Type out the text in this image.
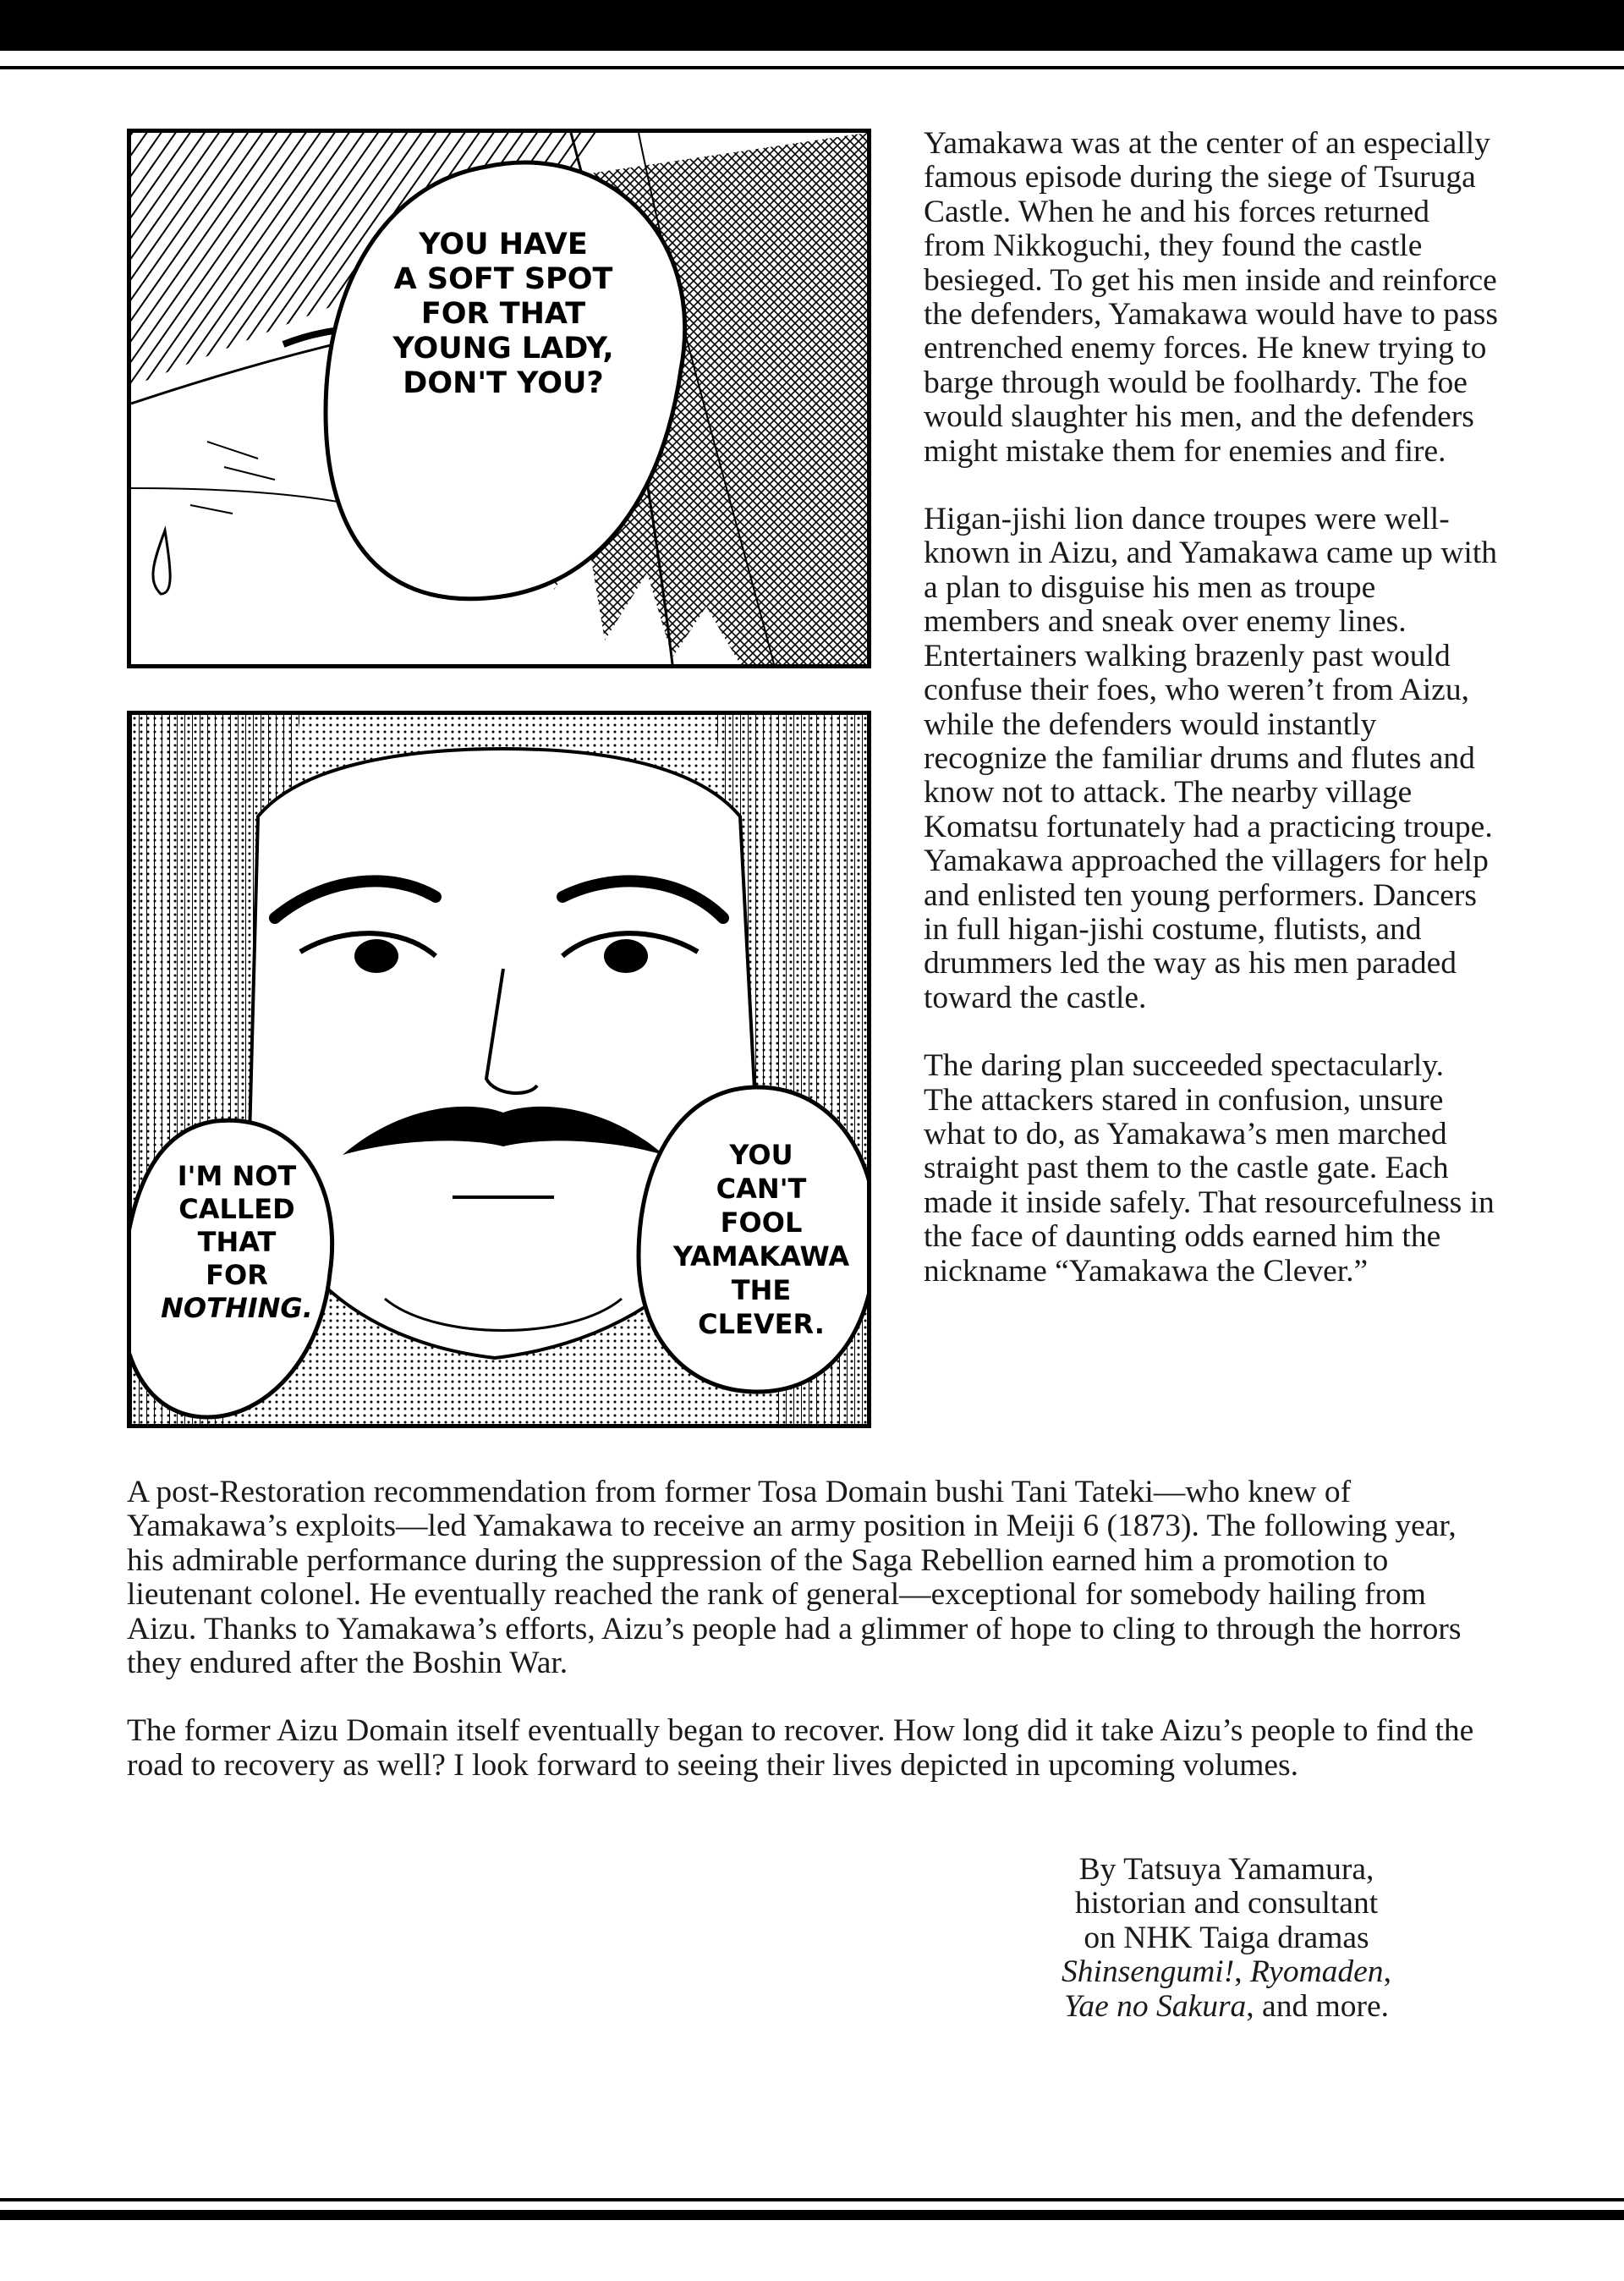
YOU HAVE
A SOFT SPOT
FOR THAT
YOUNG LADY,
DON'T YOU?
I'M NOT
CALLED
THAT
FOR
NOTHING.
YOU
CAN'T
FOOL
YAMAKAWA
THE
CLEVER.

Yamakawa was at the center of an especially famous episode during the siege of Tsuruga Castle. When he and his forces returned from Nikkoguchi, they found the castle besieged. To get his men inside and reinforce the defenders, Yamakawa would have to pass entrenched enemy forces. He knew trying to barge through would be foolhardy. The foe would slaughter his men, and the defenders might mistake them for enemies and fire.

Higan-jishi lion dance troupes were well-known in Aizu, and Yamakawa came up with a plan to disguise his men as troupe members and sneak over enemy lines. Entertainers walking brazenly past would confuse their foes, who weren’t from Aizu, while the defenders would instantly recognize the familiar drums and flutes and know not to attack. The nearby village Komatsu fortunately had a practicing troupe. Yamakawa approached the villagers for help and enlisted ten young performers. Dancers in full higan-jishi costume, flutists, and drummers led the way as his men paraded toward the castle.

The daring plan succeeded spectacularly. The attackers stared in confusion, unsure what to do, as Yamakawa’s men marched straight past them to the castle gate. Each made it inside safely. That resourcefulness in the face of daunting odds earned him the nickname “Yamakawa the Clever.”

A post-Restoration recommendation from former Tosa Domain bushi Tani Tateki—who knew of Yamakawa’s exploits—led Yamakawa to receive an army position in Meiji 6 (1873). The following year, his admirable performance during the suppression of the Saga Rebellion earned him a promotion to lieutenant colonel. He eventually reached the rank of general—exceptional for somebody hailing from Aizu. Thanks to Yamakawa’s efforts, Aizu’s people had a glimmer of hope to cling to through the horrors they endured after the Boshin War.

The former Aizu Domain itself eventually began to recover. How long did it take Aizu’s people to find the road to recovery as well? I look forward to seeing their lives depicted in upcoming volumes.

By Tatsuya Yamamura,
historian and consultant
on NHK Taiga dramas
Shinsengumi!, Ryomaden,
Yae no Sakura, and more.
